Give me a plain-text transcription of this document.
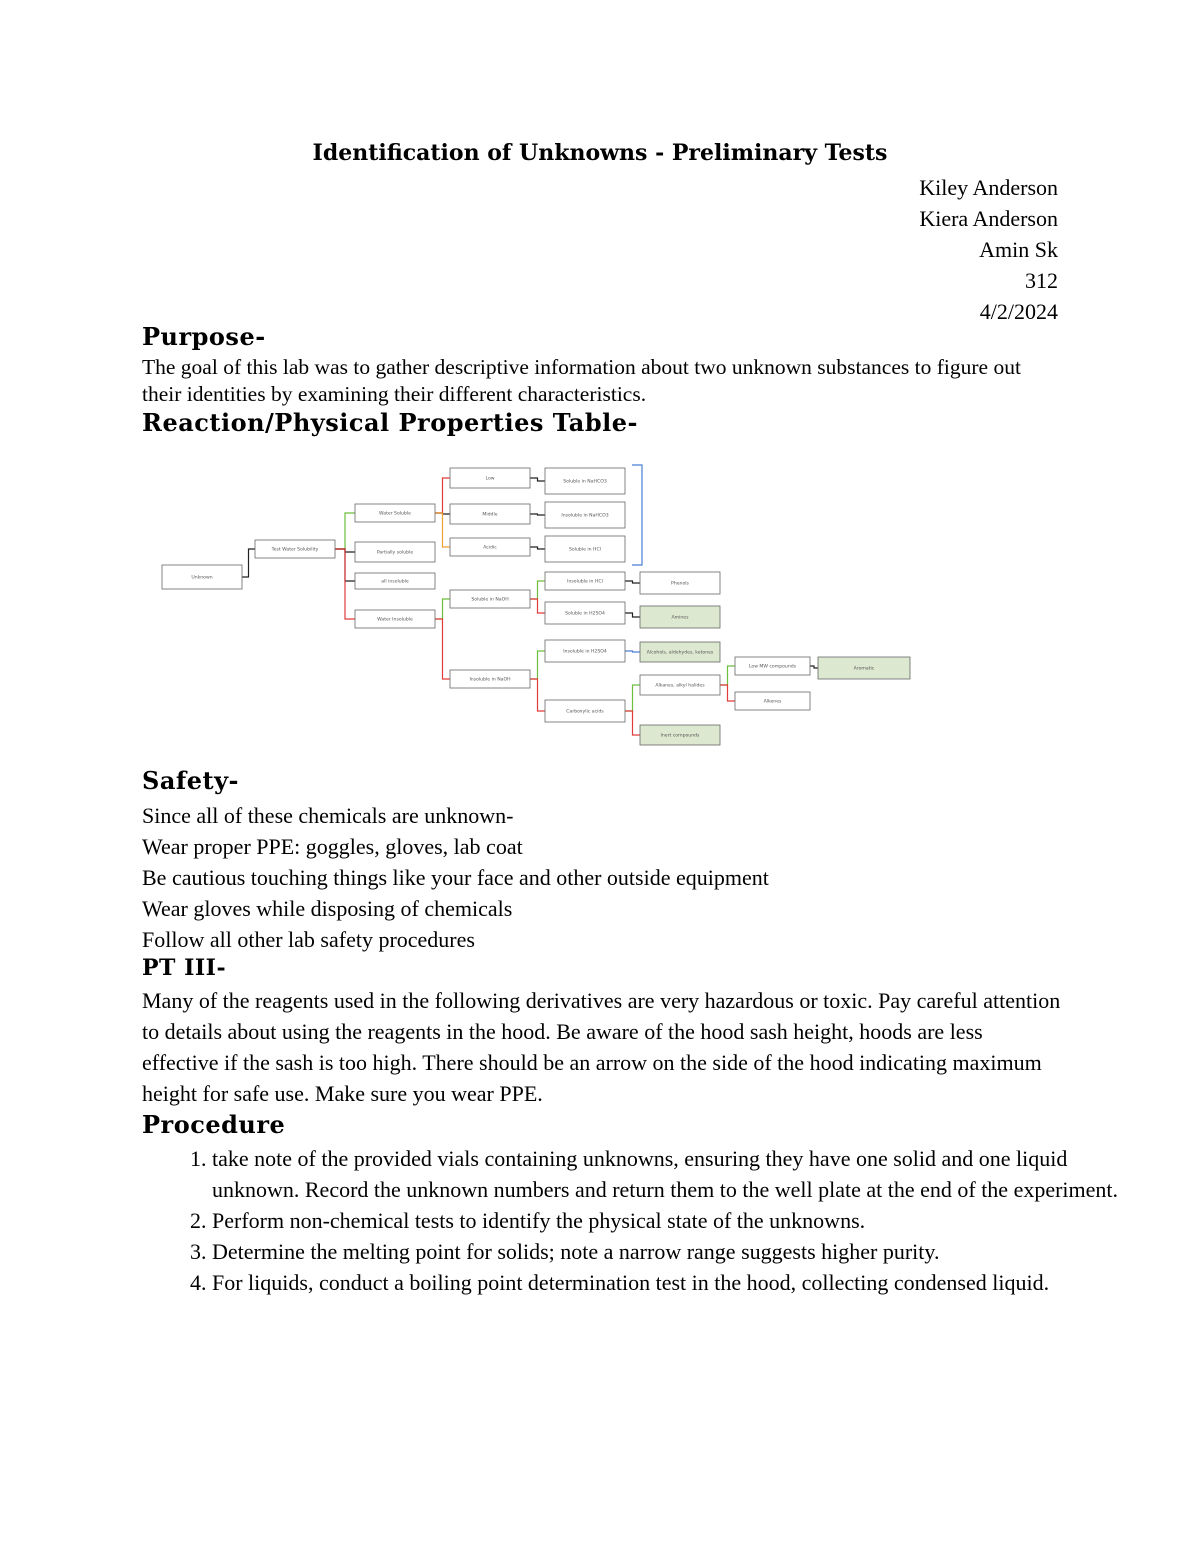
Identification of Unknowns - Preliminary Tests
Kiley Anderson
Kiera Anderson
Amin Sk
312
4/2/2024
Purpose-
The goal of this lab was to gather descriptive information about two unknown substances to figure out their identities by examining their different characteristics.
Reaction/Physical Properties Table-
Unknown
Test Water Solubility
Water Soluble
Partially soluble
all insoluble
Water Insoluble
Low
Middle
Acidic
Soluble in NaOH
Insoluble in NaOH
Soluble in NaHCO3
Insoluble in NaHCO3
Soluble in HCl
Insoluble in HCl
Soluble in H2SO4
Insoluble in H2SO4
Carboxylic acids
Phenols
Amines
Alcohols, aldehydes, ketones
Alkanes, alkyl halides
Inert compounds
Low MW compounds
Alkenes
Aromatic
Safety-
Since all of these chemicals are unknown-
Wear proper PPE: goggles, gloves, lab coat
Be cautious touching things like your face and other outside equipment
Wear gloves while disposing of chemicals
Follow all other lab safety procedures
PT III-
Many of the reagents used in the following derivatives are very hazardous or toxic. Pay careful attention to details about using the reagents in the hood. Be aware of the hood sash height, hoods are less effective if the sash is too high. There should be an arrow on the side of the hood indicating maximum height for safe use. Make sure you wear PPE.
Procedure
1. take note of the provided vials containing unknowns, ensuring they have one solid and one liquid unknown. Record the unknown numbers and return them to the well plate at the end of the experiment.
2. Perform non-chemical tests to identify the physical state of the unknowns.
3. Determine the melting point for solids; note a narrow range suggests higher purity.
4. For liquids, conduct a boiling point determination test in the hood, collecting condensed liquid.
